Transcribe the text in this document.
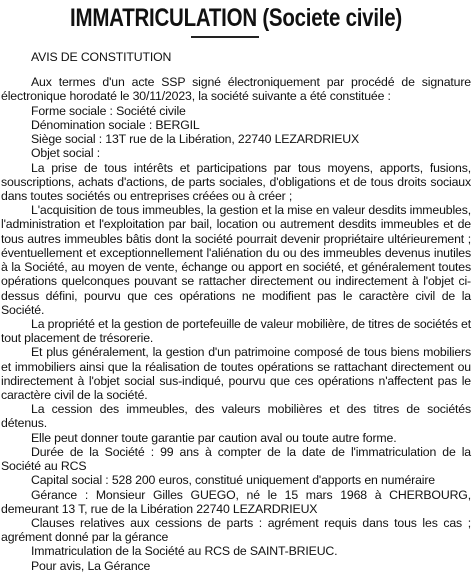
IMMATRICULATION (Societe civile)

AVIS DE CONSTITUTION

Aux termes d'un acte SSP signé électroniquement par procédé de signature électronique horodaté le 30/11/2023, la société suivante a été constituée :

Forme sociale : Société civile

Dénomination sociale : BERGIL

Siège social : 13T rue de la Libération, 22740 LEZARDRIEUX

Objet social :

La prise de tous intérêts et participations par tous moyens, apports, fusions, souscriptions, achats d'actions, de parts sociales, d'obligations et de tous droits sociaux dans toutes sociétés ou entreprises créées ou à créer ;

L'acquisition de tous immeubles, la gestion et la mise en valeur desdits immeubles, l'administration et l'exploitation par bail, location ou autrement desdits immeubles et de tous autres immeubles bâtis dont la société pourrait devenir propriétaire ultérieurement ; éventuellement et exceptionnellement l'aliénation du ou des immeubles devenus inutiles à la Société, au moyen de vente, échange ou apport en société, et généralement toutes opérations quelconques pouvant se rattacher directement ou indirectement à l'objet ci-dessus défini, pourvu que ces opérations ne modifient pas le caractère civil de la Société.

La propriété et la gestion de portefeuille de valeur mobilière, de titres de sociétés et tout placement de trésorerie.

Et plus généralement, la gestion d'un patrimoine composé de tous biens mobiliers et immobiliers ainsi que la réalisation de toutes opérations se rattachant directement ou indirectement à l'objet social sus-indiqué, pourvu que ces opérations n'affectent pas le caractère civil de la société.

La cession des immeubles, des valeurs mobilières et des titres de sociétés détenus.

Elle peut donner toute garantie par caution aval ou toute autre forme.

Durée de la Société : 99 ans à compter de la date de l'immatriculation de la Société au RCS

Capital social : 528 200 euros, constitué uniquement d'apports en numéraire

Gérance : Monsieur Gilles GUEGO, né le 15 mars 1968 à CHERBOURG, demeurant 13 T, rue de la Libération 22740 LEZARDRIEUX

Clauses relatives aux cessions de parts : agrément requis dans tous les cas ; agrément donné par la gérance

Immatriculation de la Société au RCS de SAINT-BRIEUC.

Pour avis, La Gérance
